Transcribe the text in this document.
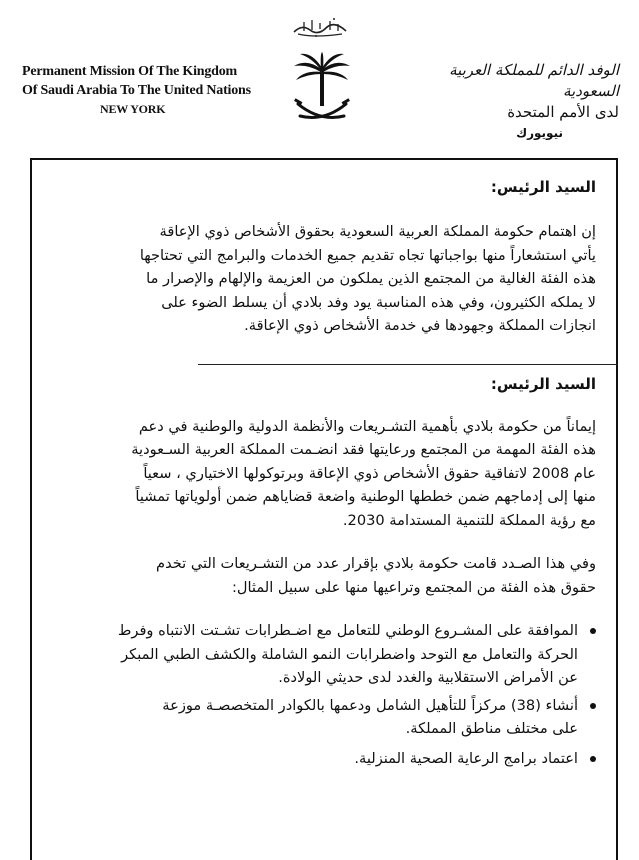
Permanent Mission Of The Kingdom
Of Saudi Arabia To The United Nations
NEW YORK
الوفد الدائم للمملكة العربية السعودية
لدى الأمم المتحدة
نيويورك

السيد الرئيس:

إن اهتمام حكومة المملكة العربية السعودية بحقوق الأشخاص ذوي الإعاقة

يأتي استشعاراً منها بواجباتها تجاه تقديم جميع الخدمات والبرامج التي تحتاجها

هذه الفئة الغالية من المجتمع الذين يملكون من العزيمة والإلهام والإصرار ما

لا يملكه الكثيرون، وفي هذه المناسبة يود وفد بلادي أن يسلط الضوء على

انجازات المملكة وجهودها في خدمة الأشخاص ذوي الإعاقة.

السيد الرئيس:

إيماناً من حكومة بلادي بأهمية التشـريعات والأنظمة الدولية والوطنية في دعم

هذه الفئة المهمة من المجتمع ورعايتها فقد انضـمت المملكة العربية السـعودية

عام 2008 لاتفاقية حقوق الأشخاص ذوي الإعاقة وبرتوكولها الاختياري ، سعياً

منها إلى إدماجهم ضمن خططها الوطنية واضعة قضاياهم ضمن أولوياتها تمشياً

مع رؤية المملكة للتنمية المستدامة 2030.

وفي هذا الصـدد قامت حكومة بلادي بإقرار عدد من التشـريعات التي تخدم

حقوق هذه الفئة من المجتمع وتراعيها منها على سبيل المثال:

الموافقة على المشـروع الوطني للتعامل مع اضـطرابات تشـتت الانتباه وفرط
الحركة والتعامل مع التوحد واضطرابات النمو الشاملة والكشف الطبي المبكر
عن الأمراض الاستقلابية والغدد لدى حديثي الولادة.
أنشاء (38) مركزاً للتأهيل الشامل ودعمها بالكوادر المتخصصـة موزعة
على مختلف مناطق المملكة.
اعتماد برامج الرعاية الصحية المنزلية.
